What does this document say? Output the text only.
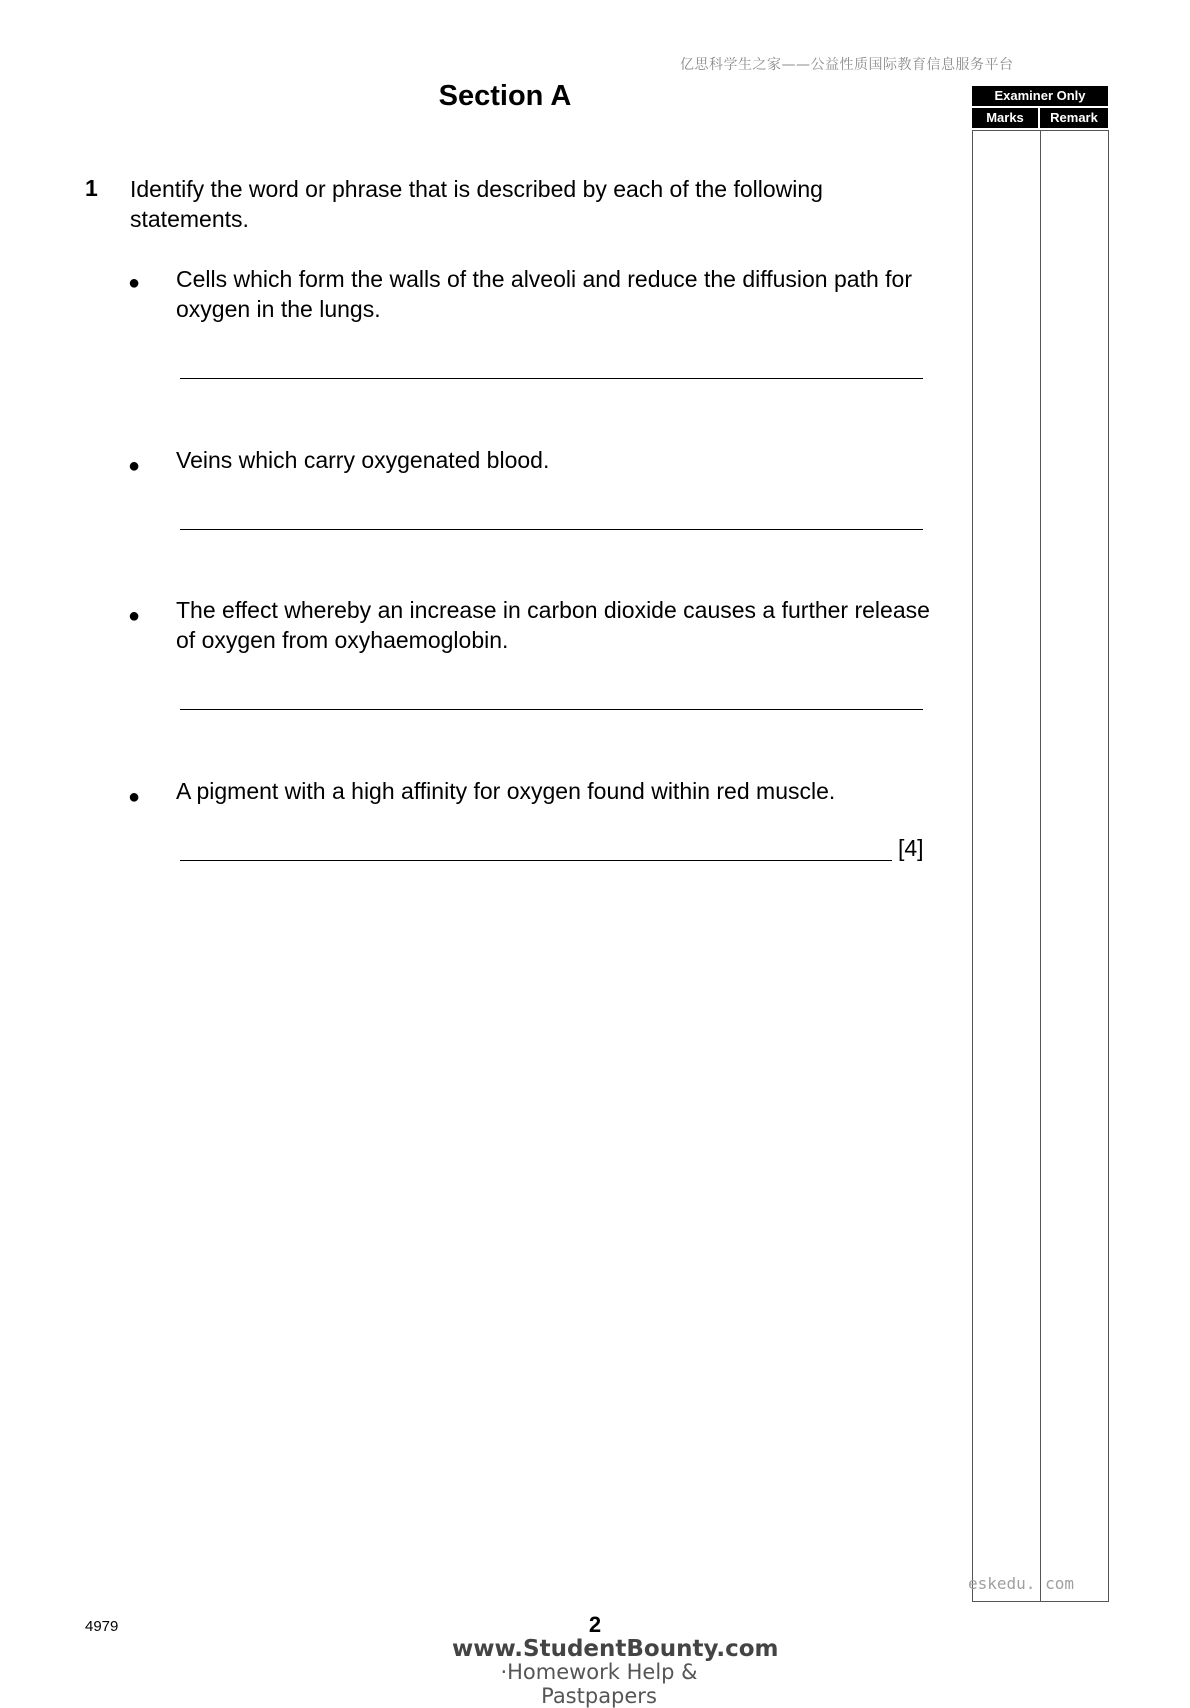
亿思科学生之家——公益性质国际教育信息服务平台
Section A	Examiner Only
Marks	Remark
1 Identify the word or phrase that is described by each of the following statements.
● Cells which form the walls of the alveoli and reduce the diffusion path for oxygen in the lungs.
● Veins which carry oxygenated blood.
● The effect whereby an increase in carbon dioxide causes a further release of oxygen from oxyhaemoglobin.
● A pigment with a high affinity for oxygen found within red muscle.
[4]
eskedu. com
4979	2
www.StudentBounty.com
·Homework Help & Pastpapers
